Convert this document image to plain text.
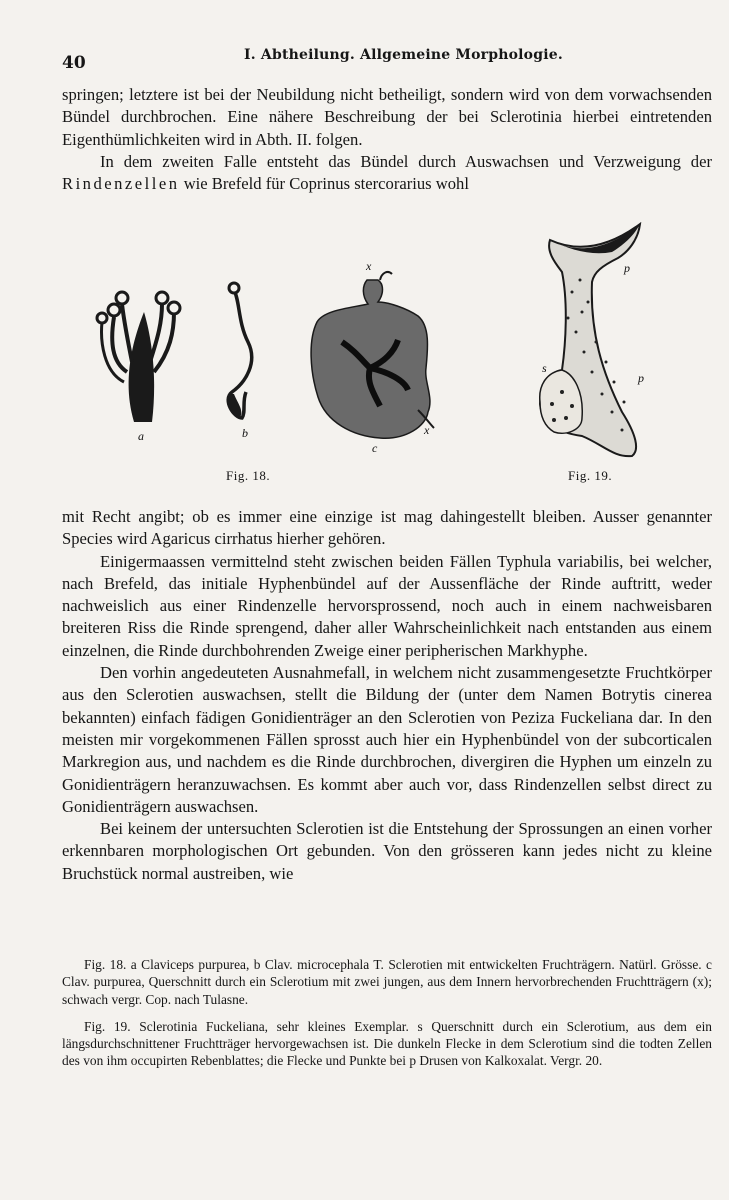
40	I. Abtheilung. Allgemeine Morphologie.

springen; letztere ist bei der Neubildung nicht betheiligt, sondern wird von dem vorwachsenden Bündel durchbrochen. Eine nähere Beschreibung der bei Sclerotinia hierbei eintretenden Eigenthümlichkeiten wird in Abth. II. folgen.

In dem zweiten Falle entsteht das Bündel durch Auswachsen und Verzweigung der Rindenzellen wie Brefeld für Coprinus stercorarius wohl

a	b
c
x
x
p
p
s
Fig. 18.	Fig. 19.

mit Recht angibt; ob es immer eine einzige ist mag dahingestellt bleiben. Ausser genannter Species wird Agaricus cirrhatus hierher gehören.

Einigermaassen vermittelnd steht zwischen beiden Fällen Typhula variabilis, bei welcher, nach Brefeld, das initiale Hyphenbündel auf der Aussenfläche der Rinde auftritt, weder nachweislich aus einer Rindenzelle hervorsprossend, noch auch in einem nachweisbaren breiteren Riss die Rinde sprengend, daher aller Wahrscheinlichkeit nach entstanden aus einem einzelnen, die Rinde durchbohrenden Zweige einer peripherischen Markhyphe.

Den vorhin angedeuteten Ausnahmefall, in welchem nicht zusammengesetzte Fruchtkörper aus den Sclerotien auswachsen, stellt die Bildung der (unter dem Namen Botrytis cinerea bekannten) einfach fädigen Gonidienträger an den Sclerotien von Peziza Fuckeliana dar. In den meisten mir vorgekommenen Fällen sprosst auch hier ein Hyphenbündel von der subcorticalen Markregion aus, und nachdem es die Rinde durchbrochen, divergiren die Hyphen um einzeln zu Gonidienträgern heranzuwachsen. Es kommt aber auch vor, dass Rindenzellen selbst direct zu Gonidienträgern auswachsen.

Bei keinem der untersuchten Sclerotien ist die Entstehung der Sprossungen an einen vorher erkennbaren morphologischen Ort gebunden. Von den grösseren kann jedes nicht zu kleine Bruchstück normal austreiben, wie

Fig. 18. a Claviceps purpurea, b Clav. microcephala T. Sclerotien mit entwickelten Fruchträgern. Natürl. Grösse. c Clav. purpurea, Querschnitt durch ein Sclerotium mit zwei jungen, aus dem Innern hervorbrechenden Fruchtträgern (x); schwach vergr. Cop. nach Tulasne.

Fig. 19. Sclerotinia Fuckeliana, sehr kleines Exemplar. s Querschnitt durch ein Sclerotium, aus dem ein längsdurchschnittener Fruchtträger hervorgewachsen ist. Die dunkeln Flecke in dem Sclerotium sind die todten Zellen des von ihm occupirten Rebenblattes; die Flecke und Punkte bei p Drusen von Kalkoxalat. Vergr. 20.
